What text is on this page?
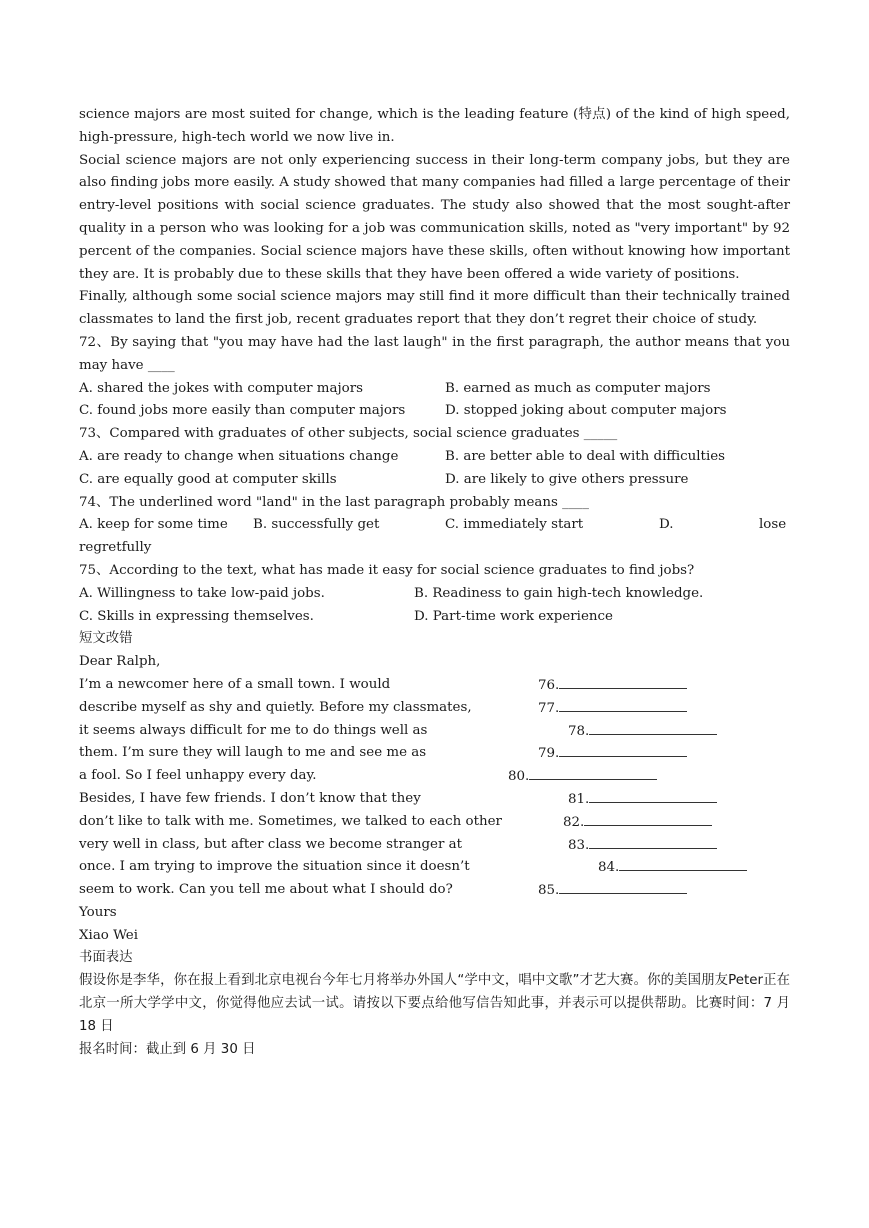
science majors are most suited for change, which is the leading feature (特点) of the kind of high speed, high-pressure, high-tech world we now live in.

Social science majors are not only experiencing success in their long-term company jobs, but they are also finding jobs more easily. A study showed that many companies had filled a large percentage of their entry-level positions with social science graduates. The study also showed that the most sought-after quality in a person who was looking for a job was communication skills, noted as "very important" by 92 percent of the companies. Social science majors have these skills, often without knowing how important they are. It is probably due to these skills that they have been offered a wide variety of positions.

Finally, although some social science majors may still find it more difficult than their technically trained classmates to land the first job, recent graduates report that they don’t regret their choice of study.

72、By saying that "you may have had the last laugh" in the first paragraph, the author means that you may have ____

A. shared the jokes with computer majors	B. earned as much as computer majors
C. found jobs more easily than computer majors	D. stopped joking about computer majors

73、Compared with graduates of other subjects, social science graduates _____

A. are ready to change when situations change	B. are better able to deal with difficulties
C. are equally good at computer skills	D. are likely to give others pressure

74、The underlined word "land" in the last paragraph probably means ____

A. keep for some time	B. successfully get	C. immediately start	D.	lose
regretfully

75、According to the text, what has made it easy for social science graduates to find jobs?

A. Willingness to take low-paid jobs.	B. Readiness to gain high-tech knowledge.
C. Skills in expressing themselves.	D. Part-time work experience
短文改错
Dear Ralph,
I’m a newcomer here of a small town. I would	76.
describe myself as shy and quietly. Before my classmates,	77.
it seems always difficult for me to do things well as	78.
them. I’m sure they will laugh to me and see me as	79.
a fool. So I feel unhappy every day.	80.
Besides, I have few friends. I don’t know that they	81.
don’t like to talk with me. Sometimes, we talked to each other	82.
very well in class, but after class we become stranger at	83.
once. I am trying to improve the situation since it doesn’t	84.
seem to work. Can you tell me about what I should do?	85.
Yours
Xiao Wei
书面表达

假设你是李华，你在报上看到北京电视台今年七月将举办外国人“学中文，唱中文歌”才艺大赛。你的美国朋友Peter正在北京一所大学学中文，你觉得他应去试一试。请按以下要点给他写信告知此事，并表示可以提供帮助。比赛时间：7 月 18 日

报名时间：截止到 6 月 30 日
